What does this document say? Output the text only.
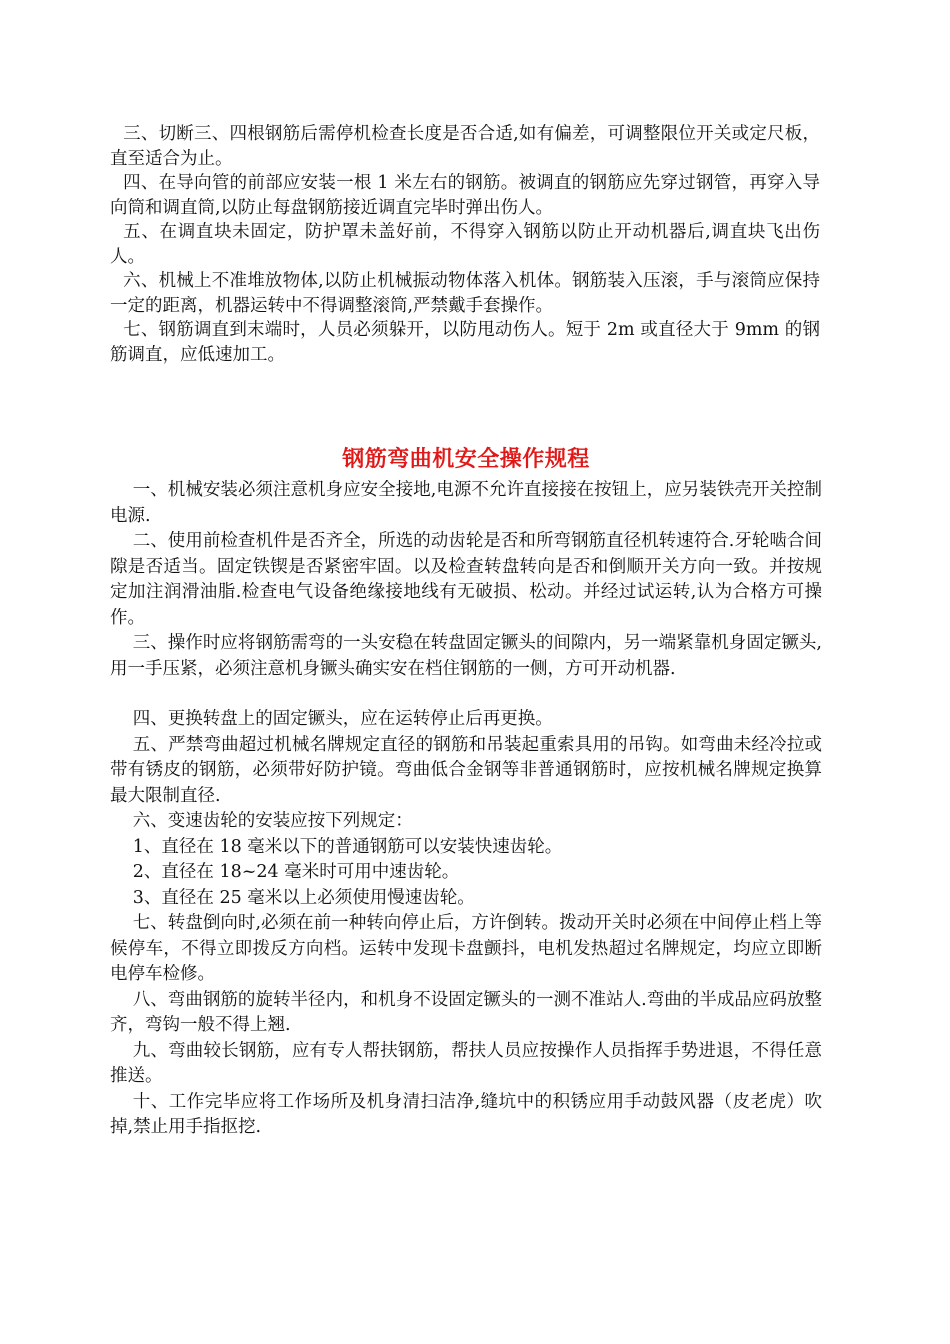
三、切断三、四根钢筋后需停机检查长度是否合适,如有偏差，可调整限位开关或定尺板，直至适合为止。

四、在导向管的前部应安装一根 1 米左右的钢筋。被调直的钢筋应先穿过钢管，再穿入导向筒和调直筒,以防止每盘钢筋接近调直完毕时弹出伤人。

五、在调直块未固定，防护罩未盖好前，不得穿入钢筋以防止开动机器后,调直块飞出伤人。

六、机械上不准堆放物体,以防止机械振动物体落入机体。钢筋装入压滚，手与滚筒应保持一定的距离，机器运转中不得调整滚筒,严禁戴手套操作。

七、钢筋调直到末端时，人员必须躲开，以防甩动伤人。短于 2m 或直径大于 9mm 的钢筋调直，应低速加工。

钢筋弯曲机安全操作规程

一、机械安装必须注意机身应安全接地,电源不允许直接接在按钮上，应另装铁壳开关控制电源.

二、使用前检查机件是否齐全，所选的动齿轮是否和所弯钢筋直径机转速符合.牙轮啮合间隙是否适当。固定铁锲是否紧密牢固。以及检查转盘转向是否和倒顺开关方向一致。并按规定加注润滑油脂.检查电气设备绝缘接地线有无破损、松动。并经过试运转,认为合格方可操作。

三、操作时应将钢筋需弯的一头安稳在转盘固定镢头的间隙内，另一端紧靠机身固定镢头,用一手压紧，必须注意机身镢头确实安在档住钢筋的一侧，方可开动机器.

四、更换转盘上的固定镢头，应在运转停止后再更换。

五、严禁弯曲超过机械名牌规定直径的钢筋和吊装起重索具用的吊钩。如弯曲未经冷拉或带有锈皮的钢筋，必须带好防护镜。弯曲低合金钢等非普通钢筋时，应按机械名牌规定换算最大限制直径.

六、变速齿轮的安装应按下列规定：

1、直径在 18 毫米以下的普通钢筋可以安装快速齿轮。

2、直径在 18~24 毫米时可用中速齿轮。

3、直径在 25 毫米以上必须使用慢速齿轮。

七、转盘倒向时,必须在前一种转向停止后，方许倒转。拨动开关时必须在中间停止档上等候停车，不得立即拨反方向档。运转中发现卡盘颤抖，电机发热超过名牌规定，均应立即断电停车检修。

八、弯曲钢筋的旋转半径内，和机身不设固定镢头的一测不准站人.弯曲的半成品应码放整齐，弯钩一般不得上翘.

九、弯曲较长钢筋，应有专人帮扶钢筋，帮扶人员应按操作人员指挥手势进退，不得任意推送。

十、工作完毕应将工作场所及机身清扫洁净,缝坑中的积锈应用手动鼓风器（皮老虎）吹掉,禁止用手指抠挖.
